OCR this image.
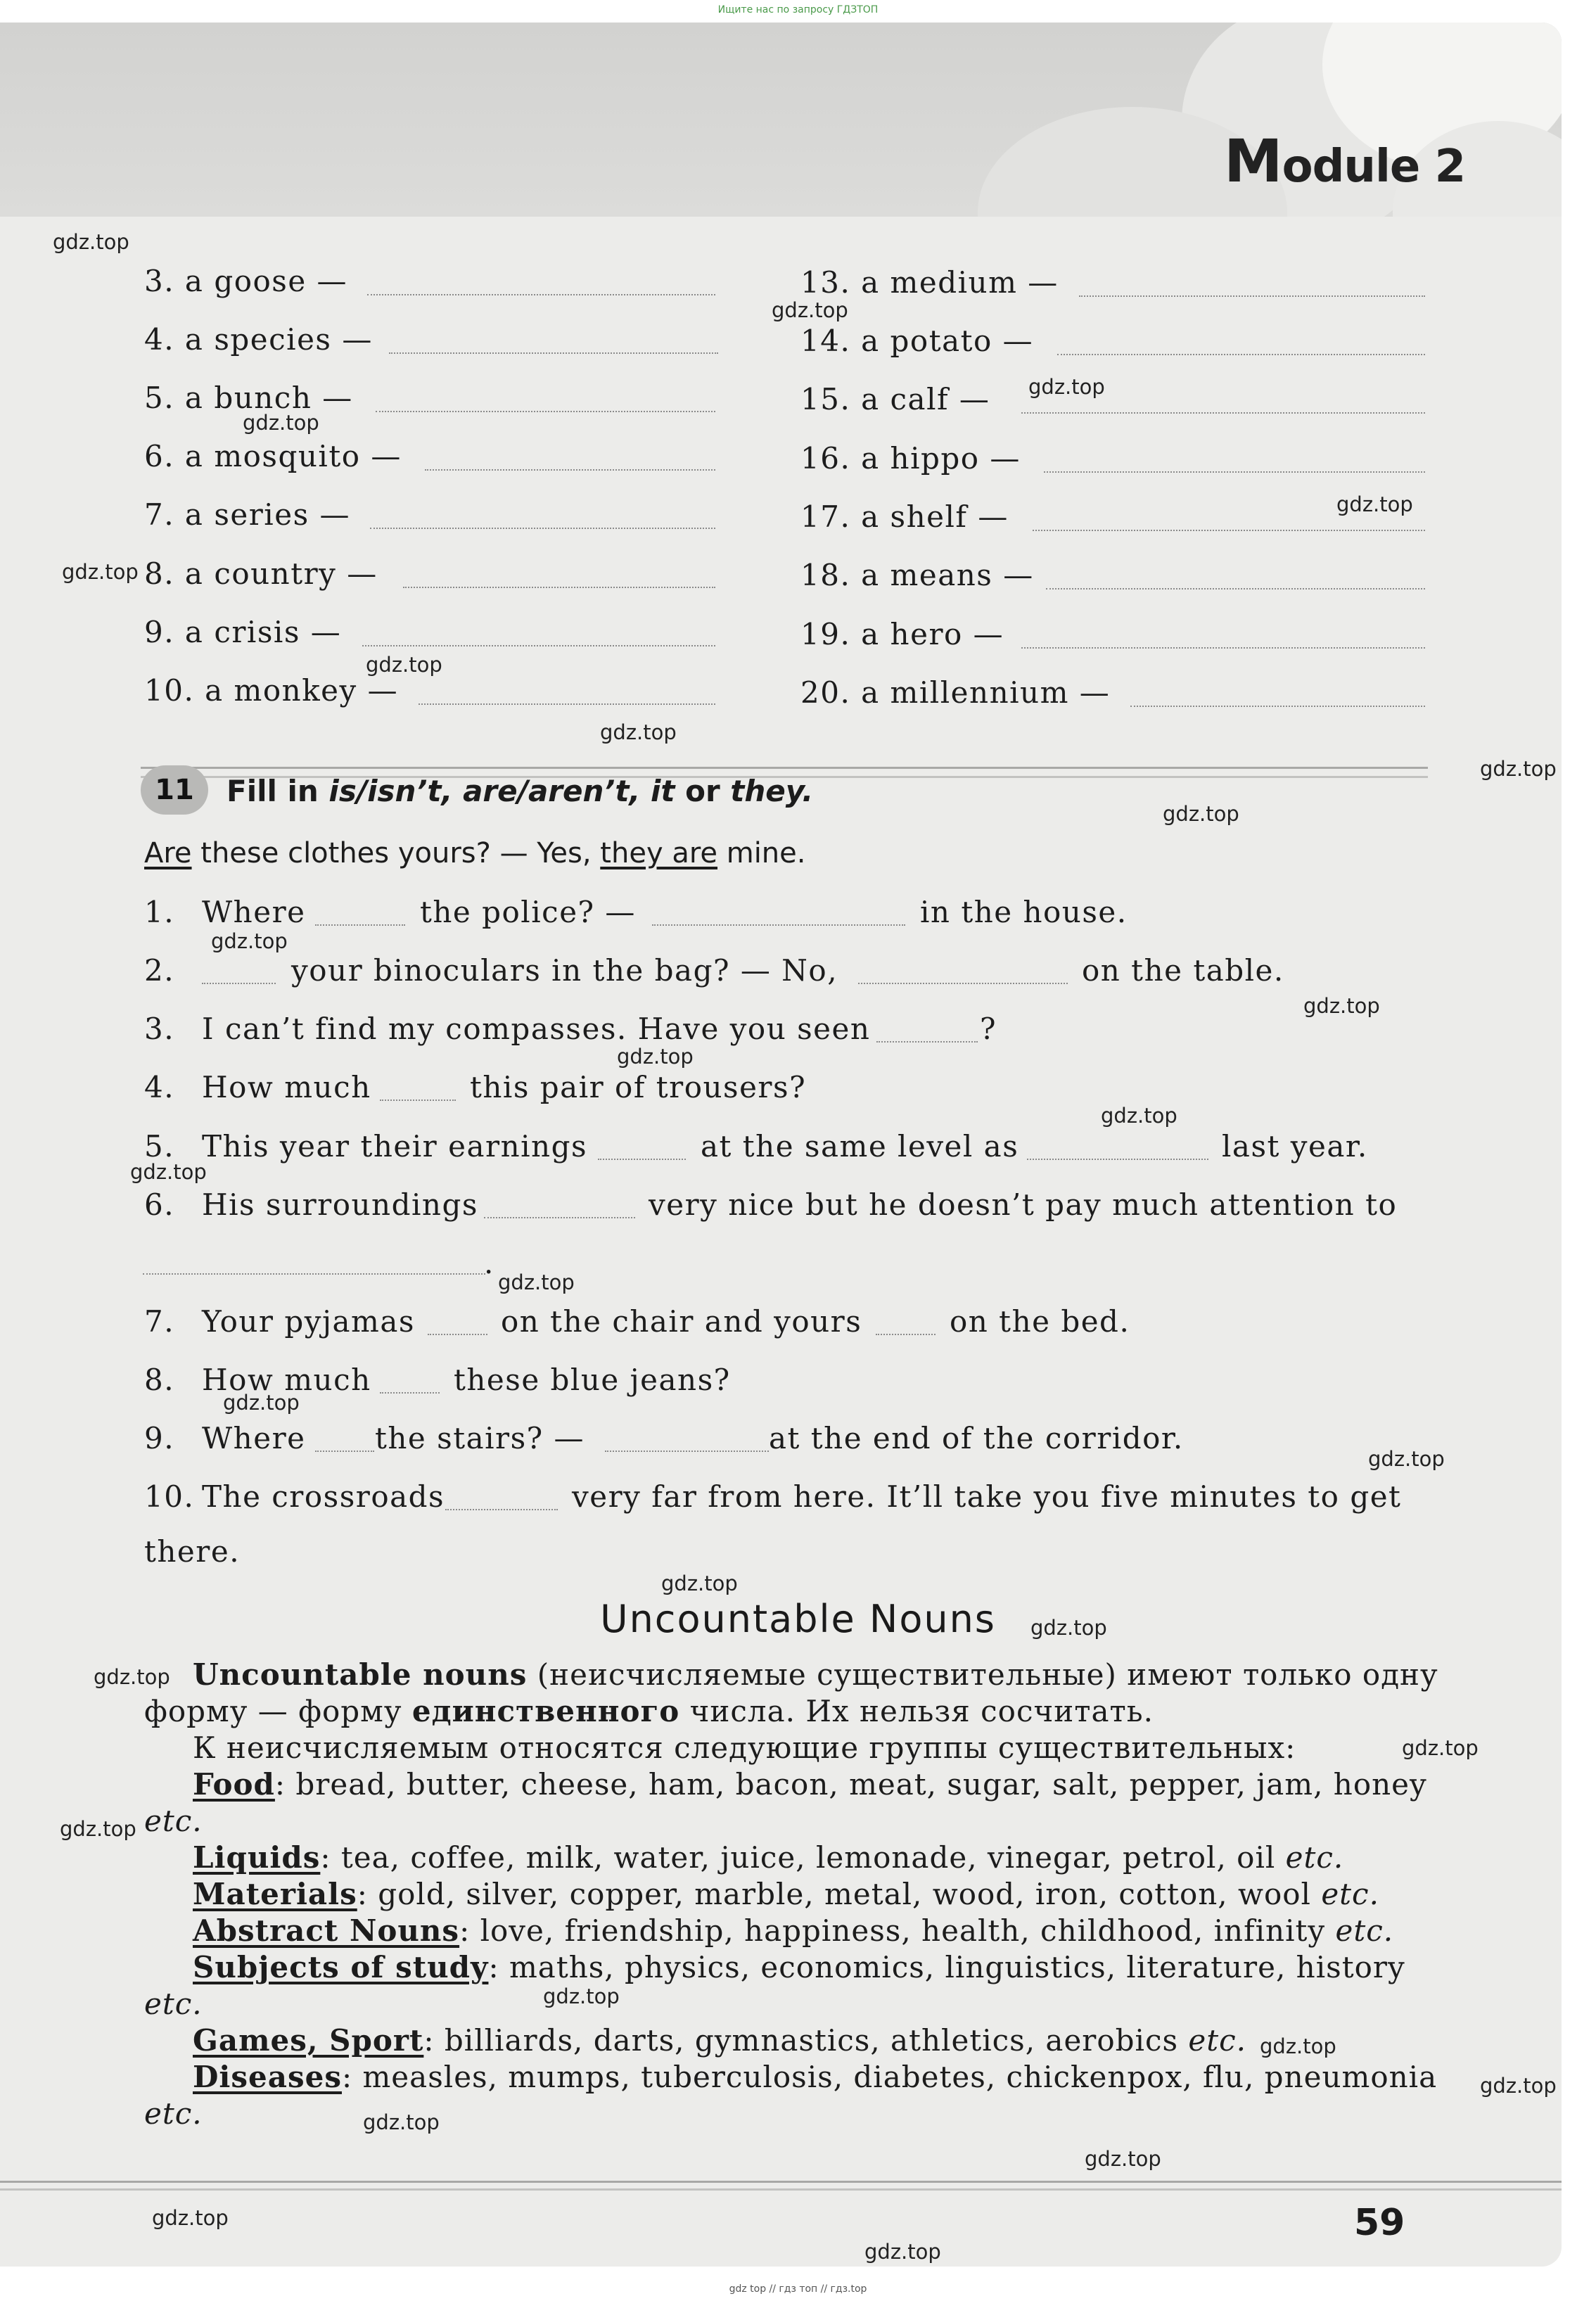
Ищите нас по запросу ГДЗТОП
Module 2
3. a goose —
4. a species —
5. a bunch —
6. a mosquito —
7. a series —
8. a country —
9. a crisis —
10. a monkey —
13. a medium —
14. a potato —
15. a calf —
16. a hippo —
17. a shelf —
18. a means —
19. a hero —
20. a millennium —
11	Fill in is/isn’t, are/aren’t, it or they.
Are these clothes yours? — Yes, they are mine.
1. Where	the police? —	in the house.
2.	your binoculars in the bag? — No,	on the table.
3. I can’t find my compasses. Have you seen	?
4. How much	this pair of trousers?
5. This year their earnings	at the same level as	last year.
6. His surroundings	very nice but he doesn’t pay much attention to
.
7. Your pyjamas	on the chair and yours	on the bed.
8. How much	these blue jeans?
9. Where the stairs? —	at the end of the corridor.
10. The crossroads	very far from here. It’ll take you five minutes to get
there.
Uncountable Nouns
Uncountable nouns (неисчисляемые существительные) имеют только одну
форму — форму единственного числа. Их нельзя сосчитать.
К неисчисляемым относятся следующие группы существительных:
Food: bread, butter, cheese, ham, bacon, meat, sugar, salt, pepper, jam, honey
etc.
Liquids: tea, coffee, milk, water, juice, lemonade, vinegar, petrol, oil etc.
Materials: gold, silver, copper, marble, metal, wood, iron, cotton, wool etc.
Abstract Nouns: love, friendship, happiness, health, childhood, infinity etc.
Subjects of study: maths, physics, economics, linguistics, literature, history
etc.
Games, Sport: billiards, darts, gymnastics, athletics, aerobics etc.
Diseases: measles, mumps, tuberculosis, diabetes, chickenpox, flu, pneumonia
etc.
59
gdz.top
gdz.top
gdz.top
gdz.top
gdz.top
gdz.top
gdz.top
gdz.top
gdz.top
gdz.top
gdz.top
gdz.top
gdz.top
gdz.top
gdz.top
gdz.top
gdz.top
gdz.top
gdz.top
gdz.top
gdz.top
gdz.top
gdz.top
gdz.top
gdz.top
gdz.top
gdz.top
gdz.top
gdz.top
gdz.top
gdz top // гдз топ // гдз.top
